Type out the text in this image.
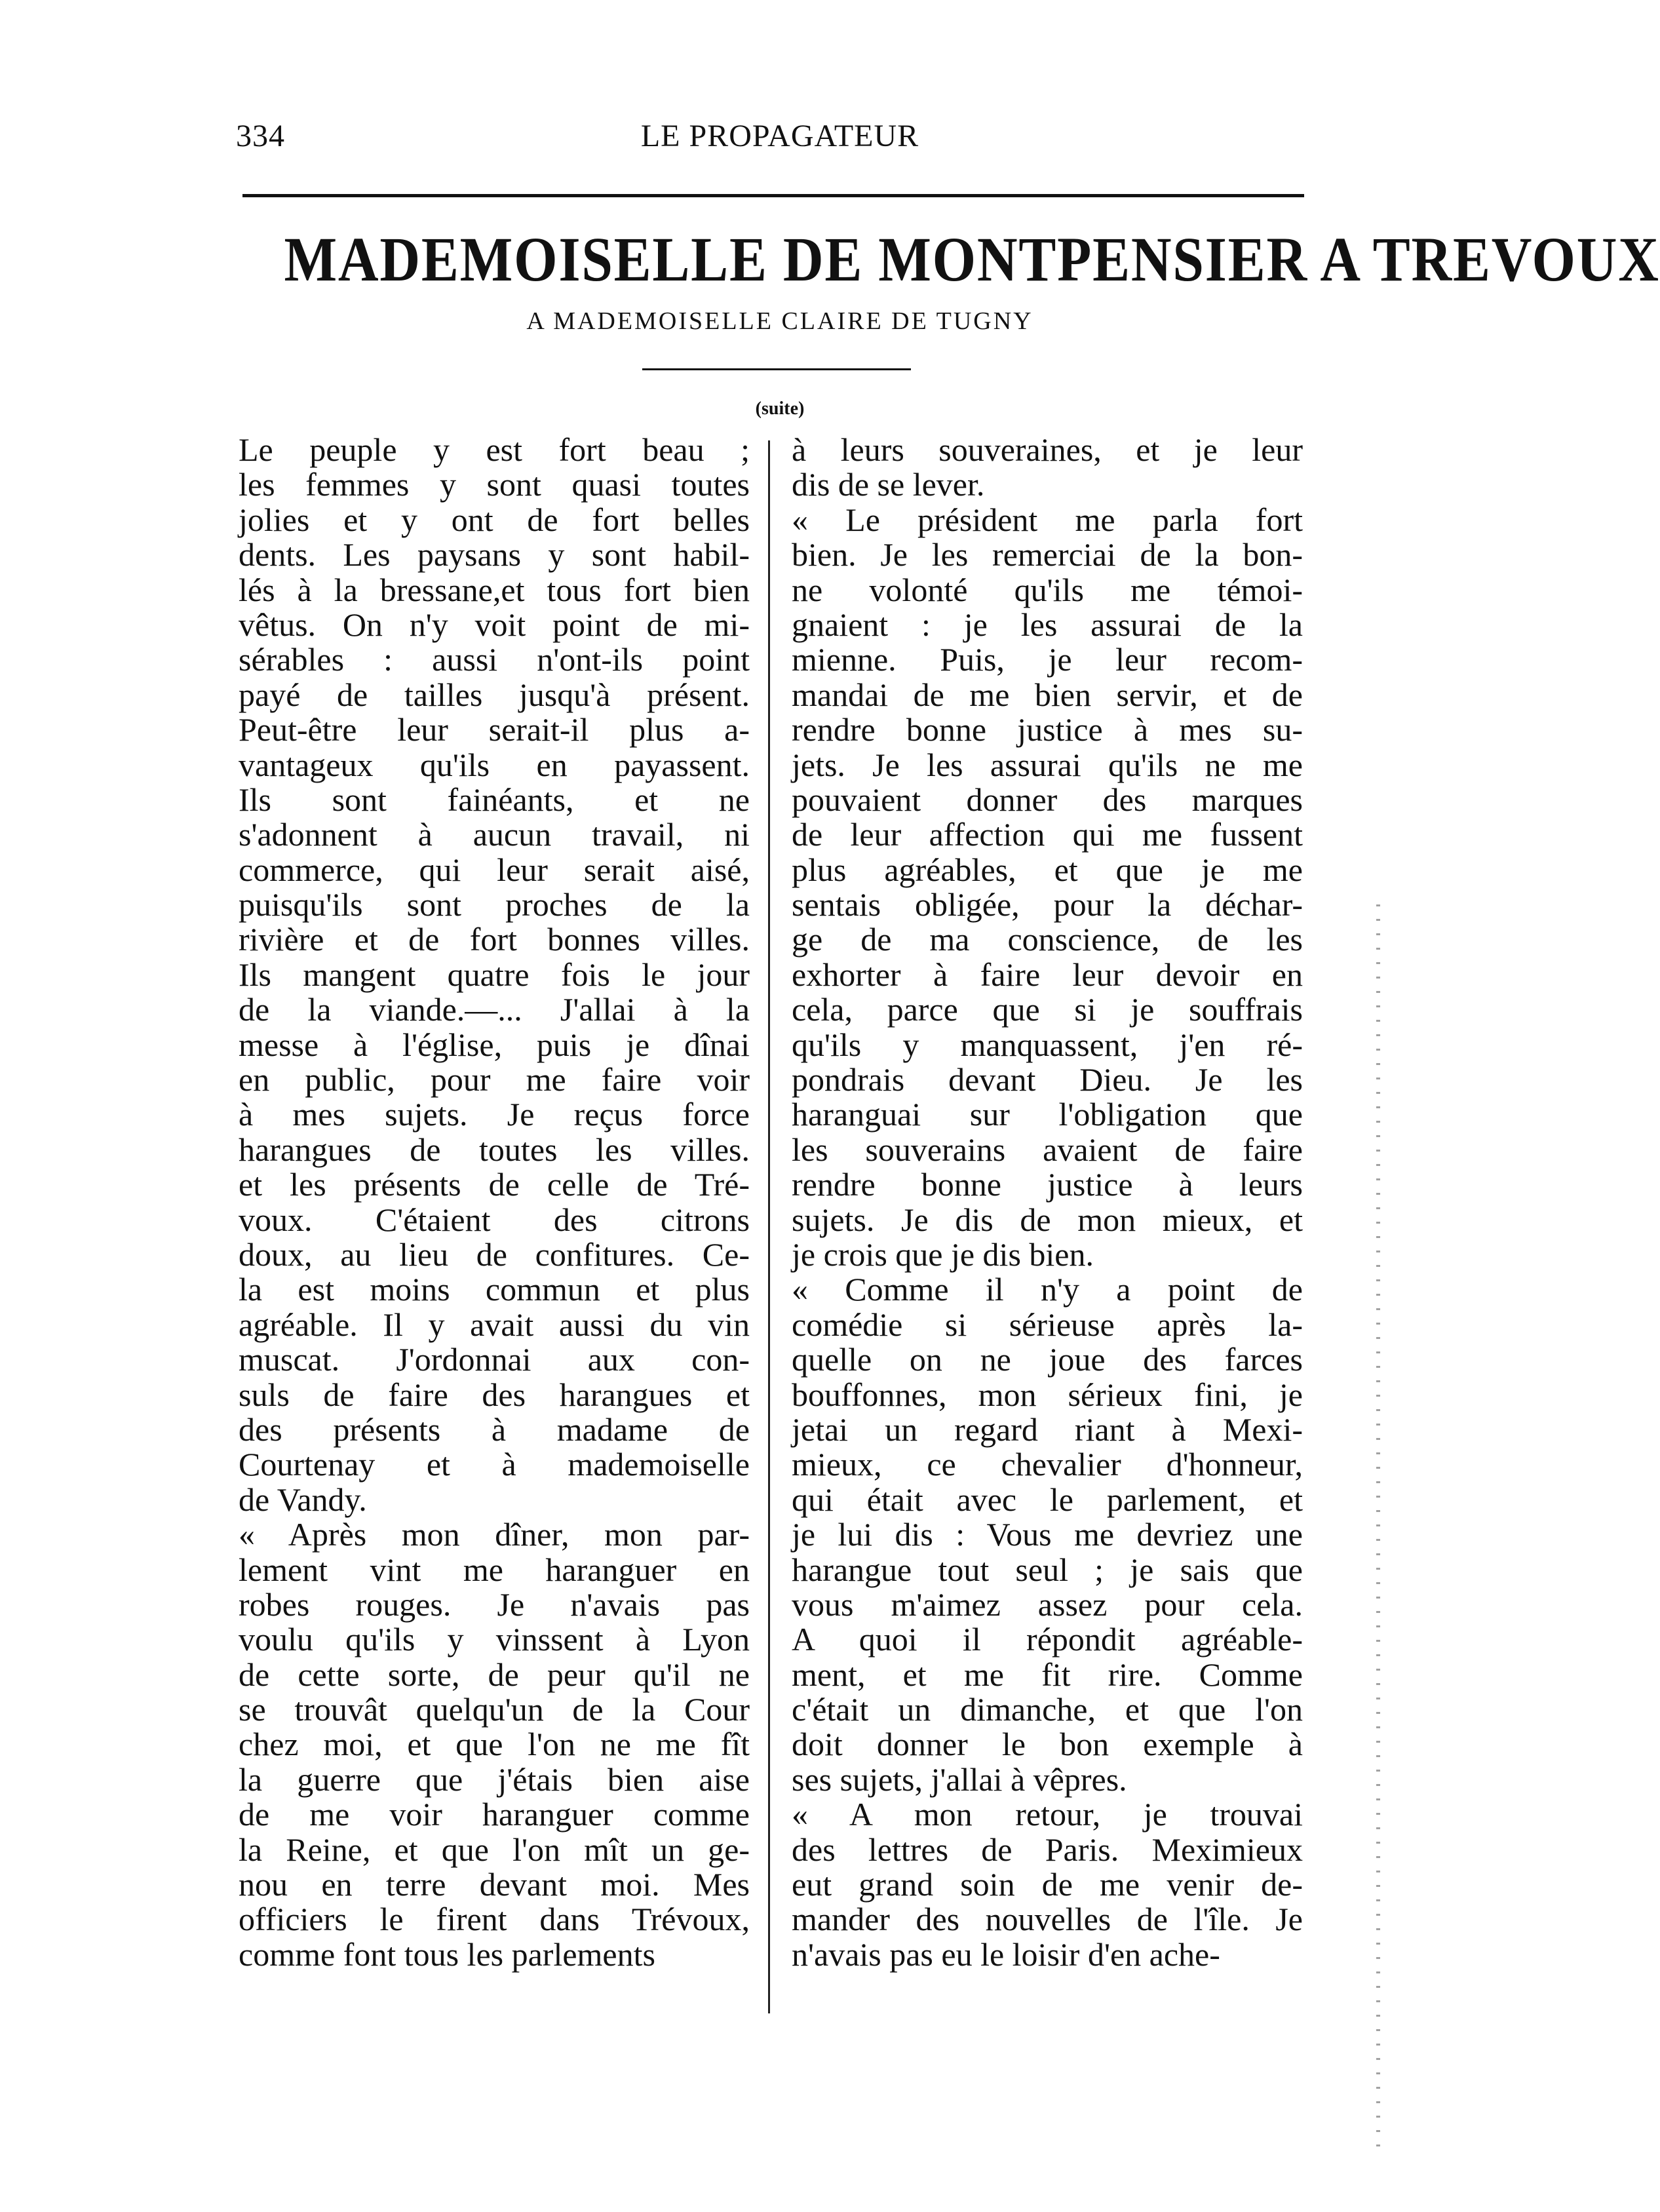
334	LE PROPAGATEUR
MADEMOISELLE DE MONTPENSIER A TREVOUX
A MADEMOISELLE CLAIRE DE TUGNY
(suite)
Le peuple y est fort beau ;
les femmes y sont quasi toutes
jolies et y ont de fort belles
dents. Les paysans y sont habil-
lés à la bressane,et tous fort bien
vêtus. On n'y voit point de mi-
sérables : aussi n'ont-ils point
payé de tailles jusqu'à présent.
Peut-être leur serait-il plus a-
vantageux qu'ils en payassent.
Ils sont fainéants, et ne
s'adonnent à aucun travail, ni
commerce, qui leur serait aisé,
puisqu'ils sont proches de la
rivière et de fort bonnes villes.
Ils mangent quatre fois le jour
de la viande.—... J'allai à la
messe à l'église, puis je dînai
en public, pour me faire voir
à mes sujets. Je reçus force
harangues de toutes les villes.
et les présents de celle de Tré-
voux. C'étaient des citrons
doux, au lieu de confitures. Ce-
la est moins commun et plus
agréable. Il y avait aussi du vin
muscat. J'ordonnai aux con-
suls de faire des harangues et
des présents à madame de
Courtenay et à mademoiselle
de Vandy.
« Après mon dîner, mon par-
lement vint me haranguer en
robes rouges. Je n'avais pas
voulu qu'ils y vinssent à Lyon
de cette sorte, de peur qu'il ne
se trouvât quelqu'un de la Cour
chez moi, et que l'on ne me fît
la guerre que j'étais bien aise
de me voir haranguer comme
la Reine, et que l'on mît un ge-
nou en terre devant moi. Mes
officiers le firent dans Trévoux,
comme font tous les parlements
à leurs souveraines, et je leur
dis de se lever.
« Le président me parla fort
bien. Je les remerciai de la bon-
ne volonté qu'ils me témoi-
gnaient : je les assurai de la
mienne. Puis, je leur recom-
mandai de me bien servir, et de
rendre bonne justice à mes su-
jets. Je les assurai qu'ils ne me
pouvaient donner des marques
de leur affection qui me fussent
plus agréables, et que je me
sentais obligée, pour la déchar-
ge de ma conscience, de les
exhorter à faire leur devoir en
cela, parce que si je souffrais
qu'ils y manquassent, j'en ré-
pondrais devant Dieu. Je les
haranguai sur l'obligation que
les souverains avaient de faire
rendre bonne justice à leurs
sujets. Je dis de mon mieux, et
je crois que je dis bien.
« Comme il n'y a point de
comédie si sérieuse après la-
quelle on ne joue des farces
bouffonnes, mon sérieux fini, je
jetai un regard riant à Mexi-
mieux, ce chevalier d'honneur,
qui était avec le parlement, et
je lui dis : Vous me devriez une
harangue tout seul ; je sais que
vous m'aimez assez pour cela.
A quoi il répondit agréable-
ment, et me fit rire. Comme
c'était un dimanche, et que l'on
doit donner le bon exemple à
ses sujets, j'allai à vêpres.
« A mon retour, je trouvai
des lettres de Paris. Meximieux
eut grand soin de me venir de-
mander des nouvelles de l'île. Je
n'avais pas eu le loisir d'en ache-
